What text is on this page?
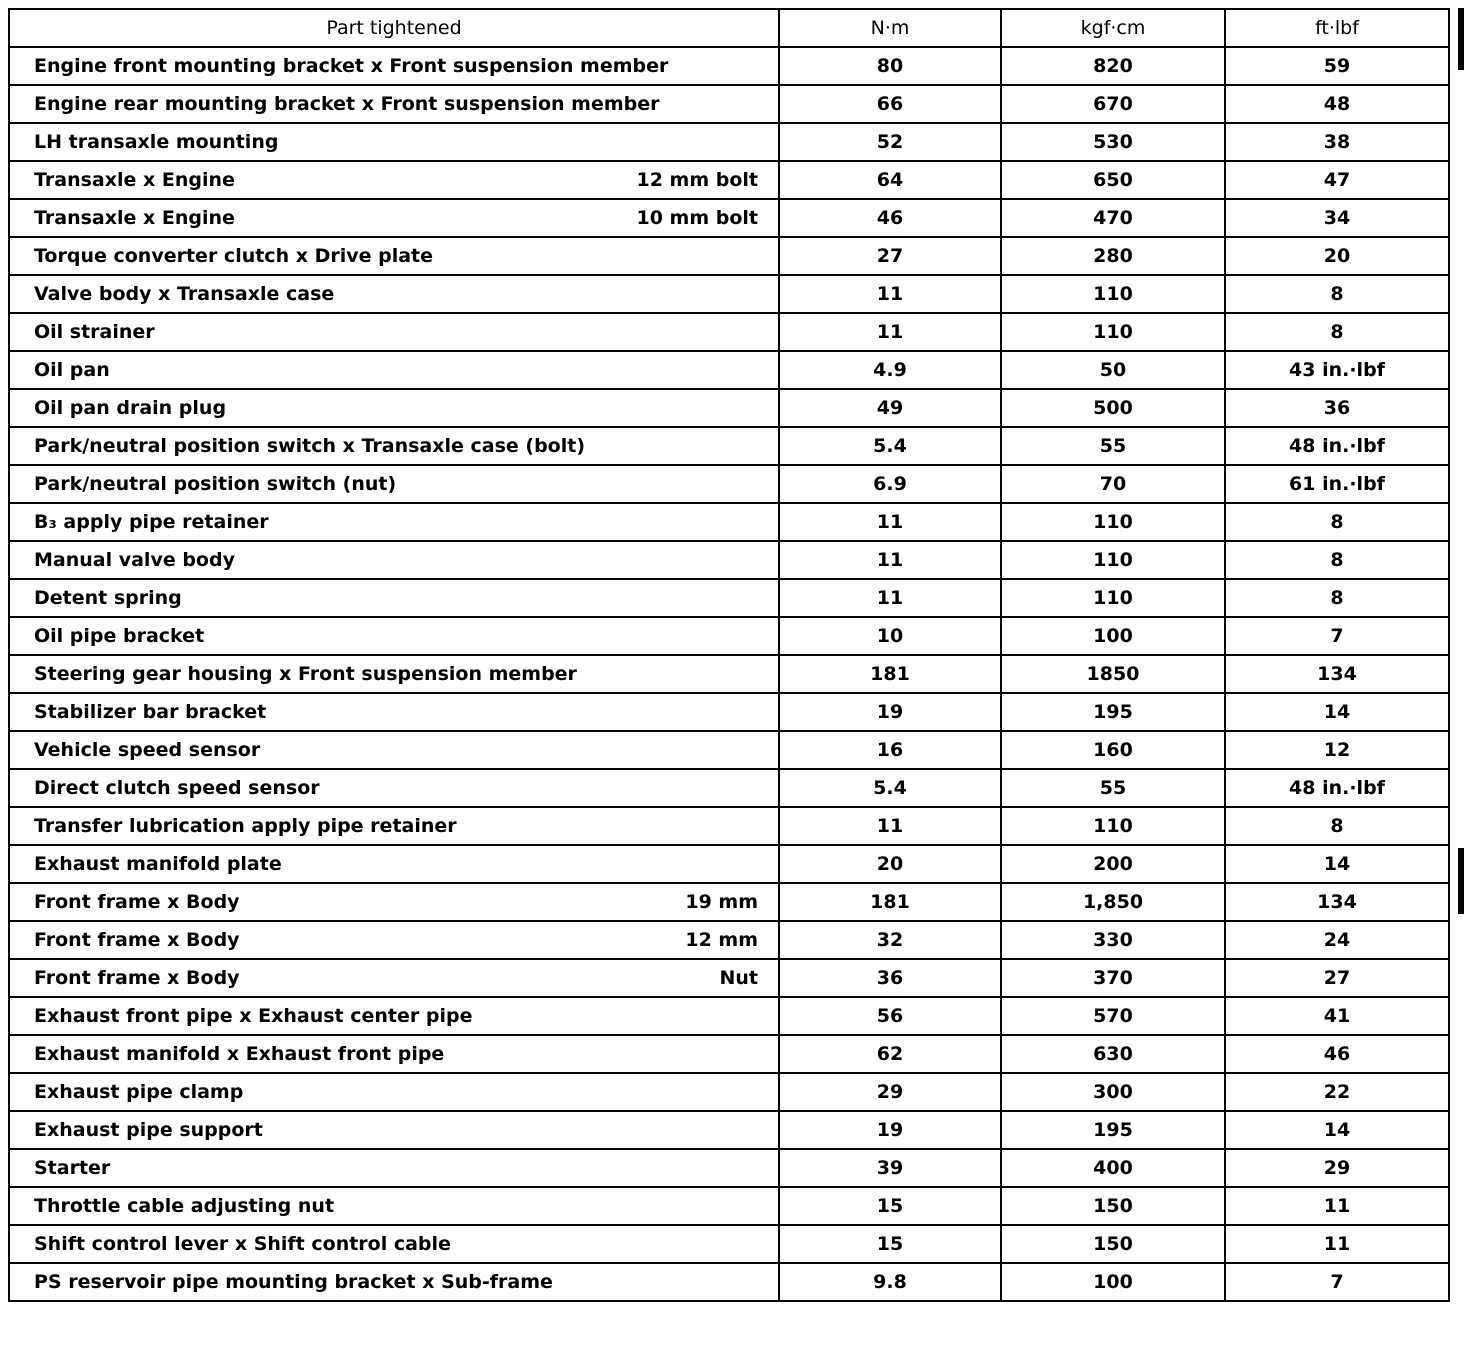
Part tightened	N·m	kgf·cm	ft·lbf

Engine front mounting bracket x Front suspension member	80	820	59

Engine rear mounting bracket x Front suspension member	66	670	48

LH transaxle mounting	52	530	38

Transaxle x Engine 12 mm bolt	64	650	47

Transaxle x Engine 10 mm bolt	46	470	34

Torque converter clutch x Drive plate	27	280	20

Valve body x Transaxle case	11	110	8

Oil strainer	11	110	8

Oil pan	4.9	50	43 in.·lbf

Oil pan drain plug	49	500	36

Park/neutral position switch x Transaxle case (bolt)	5.4	55	48 in.·lbf

Park/neutral position switch (nut)	6.9	70	61 in.·lbf

B₃ apply pipe retainer	11	110	8

Manual valve body	11	110	8

Detent spring	11	110	8

Oil pipe bracket	10	100	7

Steering gear housing x Front suspension member	181	1850	134

Stabilizer bar bracket	19	195	14

Vehicle speed sensor	16	160	12

Direct clutch speed sensor	5.4	55	48 in.·lbf

Transfer lubrication apply pipe retainer	11	110	8

Exhaust manifold plate	20	200	14

Front frame x Body 19 mm	181	1,850	134

Front frame x Body 12 mm	32	330	24

Front frame x Body Nut	36	370	27

Exhaust front pipe x Exhaust center pipe	56	570	41

Exhaust manifold x Exhaust front pipe	62	630	46

Exhaust pipe clamp	29	300	22

Exhaust pipe support	19	195	14

Starter	39	400	29

Throttle cable adjusting nut	15	150	11

Shift control lever x Shift control cable	15	150	11

PS reservoir pipe mounting bracket x Sub-frame	9.8	100	7
